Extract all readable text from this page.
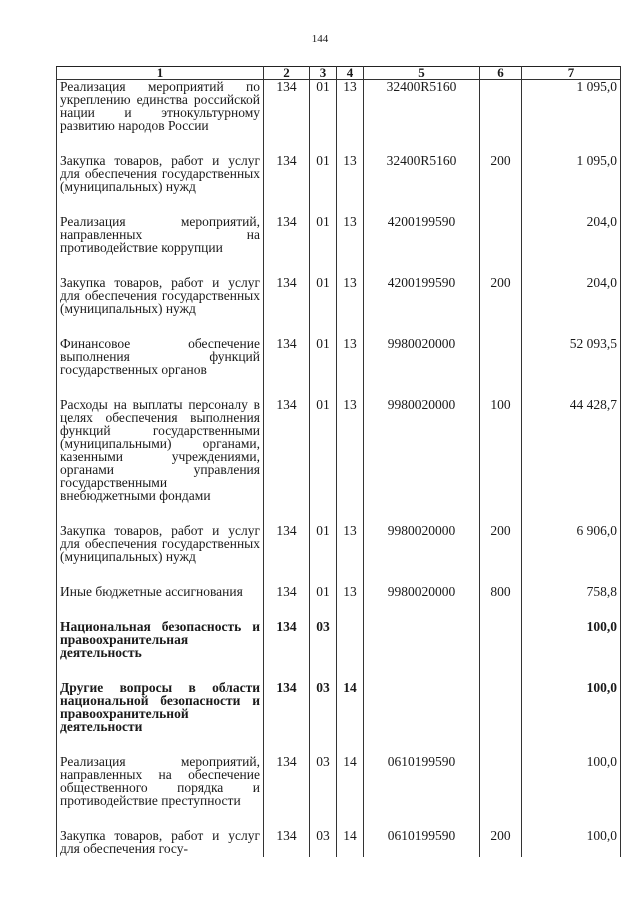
144
1	2	3	4	5	6	7
Реализация мероприятий по укреплению единства российской нации и этнокультурному развитию народов России	134	01	13	32400R5160		1 095,0
Закупка товаров, работ и услуг для обеспечения государственных (муниципальных) нужд	134	01	13	32400R5160	200	1 095,0
Реализация мероприятий, направленных на противодействие коррупции	134	01	13	4200199590		204,0
Закупка товаров, работ и услуг для обеспечения государственных (муниципальных) нужд	134	01	13	4200199590	200	204,0
Финансовое обеспечение выполнения функций государственных органов	134	01	13	9980020000		52 093,5
Расходы на выплаты персоналу в целях обеспечения выполнения функций государственными (муниципальными) органами, казенными учреждениями, органами управления государственными внебюджетными фондами	134	01	13	9980020000	100	44 428,7
Закупка товаров, работ и услуг для обеспечения государственных (муниципальных) нужд	134	01	13	9980020000	200	6 906,0
Иные бюджетные ассигнования	134	01	13	9980020000	800	758,8
Национальная безопасность и правоохранительная деятельность	134	03				100,0
Другие вопросы в области национальной безопасности и правоохранительной деятельности	134	03	14			100,0
Реализация мероприятий, направленных на обеспечение общественного порядка и противодействие преступности	134	03	14	0610199590		100,0
Закупка товаров, работ и услуг для обеспечения госу-	134	03	14	0610199590	200	100,0
